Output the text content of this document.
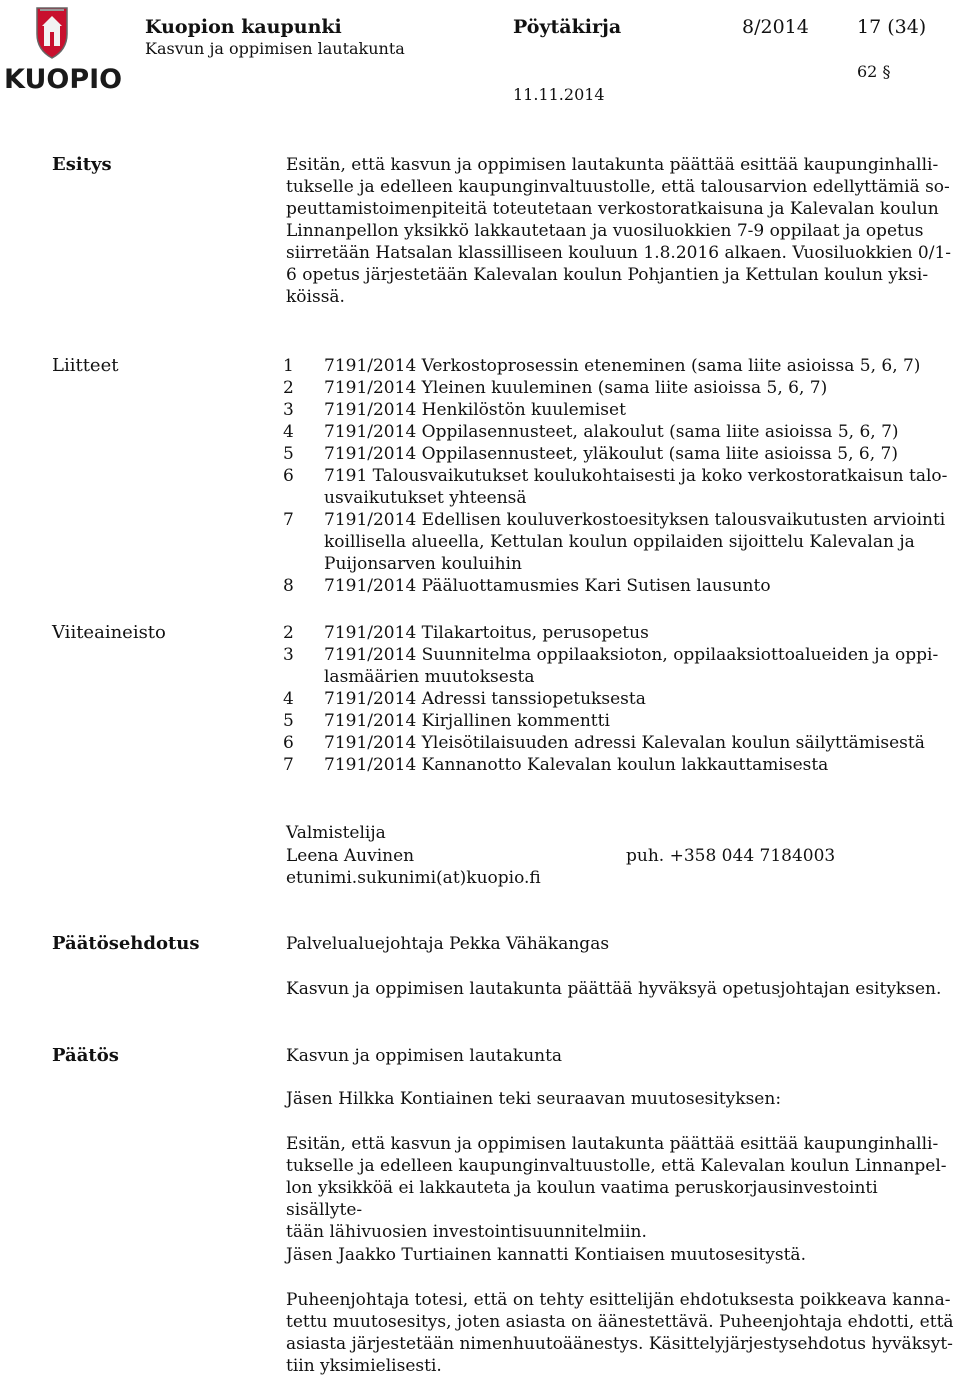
KUOPIO
Kuopion kaupunki
Kasvun ja oppimisen lautakunta
Pöytäkirja	8/2014	17 (34)
62 §
11.11.2014
Esitys	Esitän, että kasvun ja oppimisen lautakunta päättää esittää kaupunginhalli-
tukselle ja edelleen kaupunginvaltuustolle, että talousarvion edellyttämiä so-
peuttamistoimenpiteitä toteutetaan verkostoratkaisuna ja Kalevalan koulun
Linnanpellon yksikkö lakkautetaan ja vuosiluokkien 7-9 oppilaat ja opetus
siirretään Hatsalan klassilliseen kouluun 1.8.2016 alkaen. Vuosiluokkien 0/1-
6 opetus järjestetään Kalevalan koulun Pohjantien ja Kettulan koulun yksi-
köissä.
Liitteet	1	7191/2014 Verkostoprosessin eteneminen (sama liite asioissa 5, 6, 7)
2	7191/2014 Yleinen kuuleminen (sama liite asioissa 5, 6, 7)
3	7191/2014 Henkilöstön kuulemiset
4	7191/2014 Oppilasennusteet, alakoulut (sama liite asioissa 5, 6, 7)
5	7191/2014 Oppilasennusteet, yläkoulut (sama liite asioissa 5, 6, 7)
6	7191 Talousvaikutukset koulukohtaisesti ja koko verkostoratkaisun talo-
usvaikutukset yhteensä
7	7191/2014 Edellisen kouluverkostoesityksen talousvaikutusten arviointi
koillisella alueella, Kettulan koulun oppilaiden sijoittelu Kalevalan ja
Puijonsarven kouluihin
8	7191/2014 Pääluottamusmies Kari Sutisen lausunto
Viiteaineisto	2	7191/2014 Tilakartoitus, perusopetus
3	7191/2014 Suunnitelma oppilaaksioton, oppilaaksiottoalueiden ja oppi-
lasmäärien muutoksesta
4	7191/2014 Adressi tanssiopetuksesta
5	7191/2014 Kirjallinen kommentti
6	7191/2014 Yleisötilaisuuden adressi Kalevalan koulun säilyttämisestä
7	7191/2014 Kannanotto Kalevalan koulun lakkauttamisesta
Valmistelija
Leena Auvinen	puh. +358 044 7184003
etunimi.sukunimi(at)kuopio.fi
Päätösehdotus	Palvelualuejohtaja Pekka Vähäkangas
Kasvun ja oppimisen lautakunta päättää hyväksyä opetusjohtajan esityksen.
Päätös	Kasvun ja oppimisen lautakunta
Jäsen Hilkka Kontiainen teki seuraavan muutosesityksen:
Esitän, että kasvun ja oppimisen lautakunta päättää esittää kaupunginhalli-
tukselle ja edelleen kaupunginvaltuustolle, että Kalevalan koulun Linnanpel-
lon yksikköä ei lakkauteta ja koulun vaatima peruskorjausinvestointi sisällyte-
tään lähivuosien investointisuunnitelmiin.
Jäsen Jaakko Turtiainen kannatti Kontiaisen muutosesitystä.
Puheenjohtaja totesi, että on tehty esittelijän ehdotuksesta poikkeava kanna-
tettu muutosesitys, joten asiasta on äänestettävä. Puheenjohtaja ehdotti, että
asiasta järjestetään nimenhuutoäänestys. Käsittelyjärjestysehdotus hyväksyt-
tiin yksimielisesti.
